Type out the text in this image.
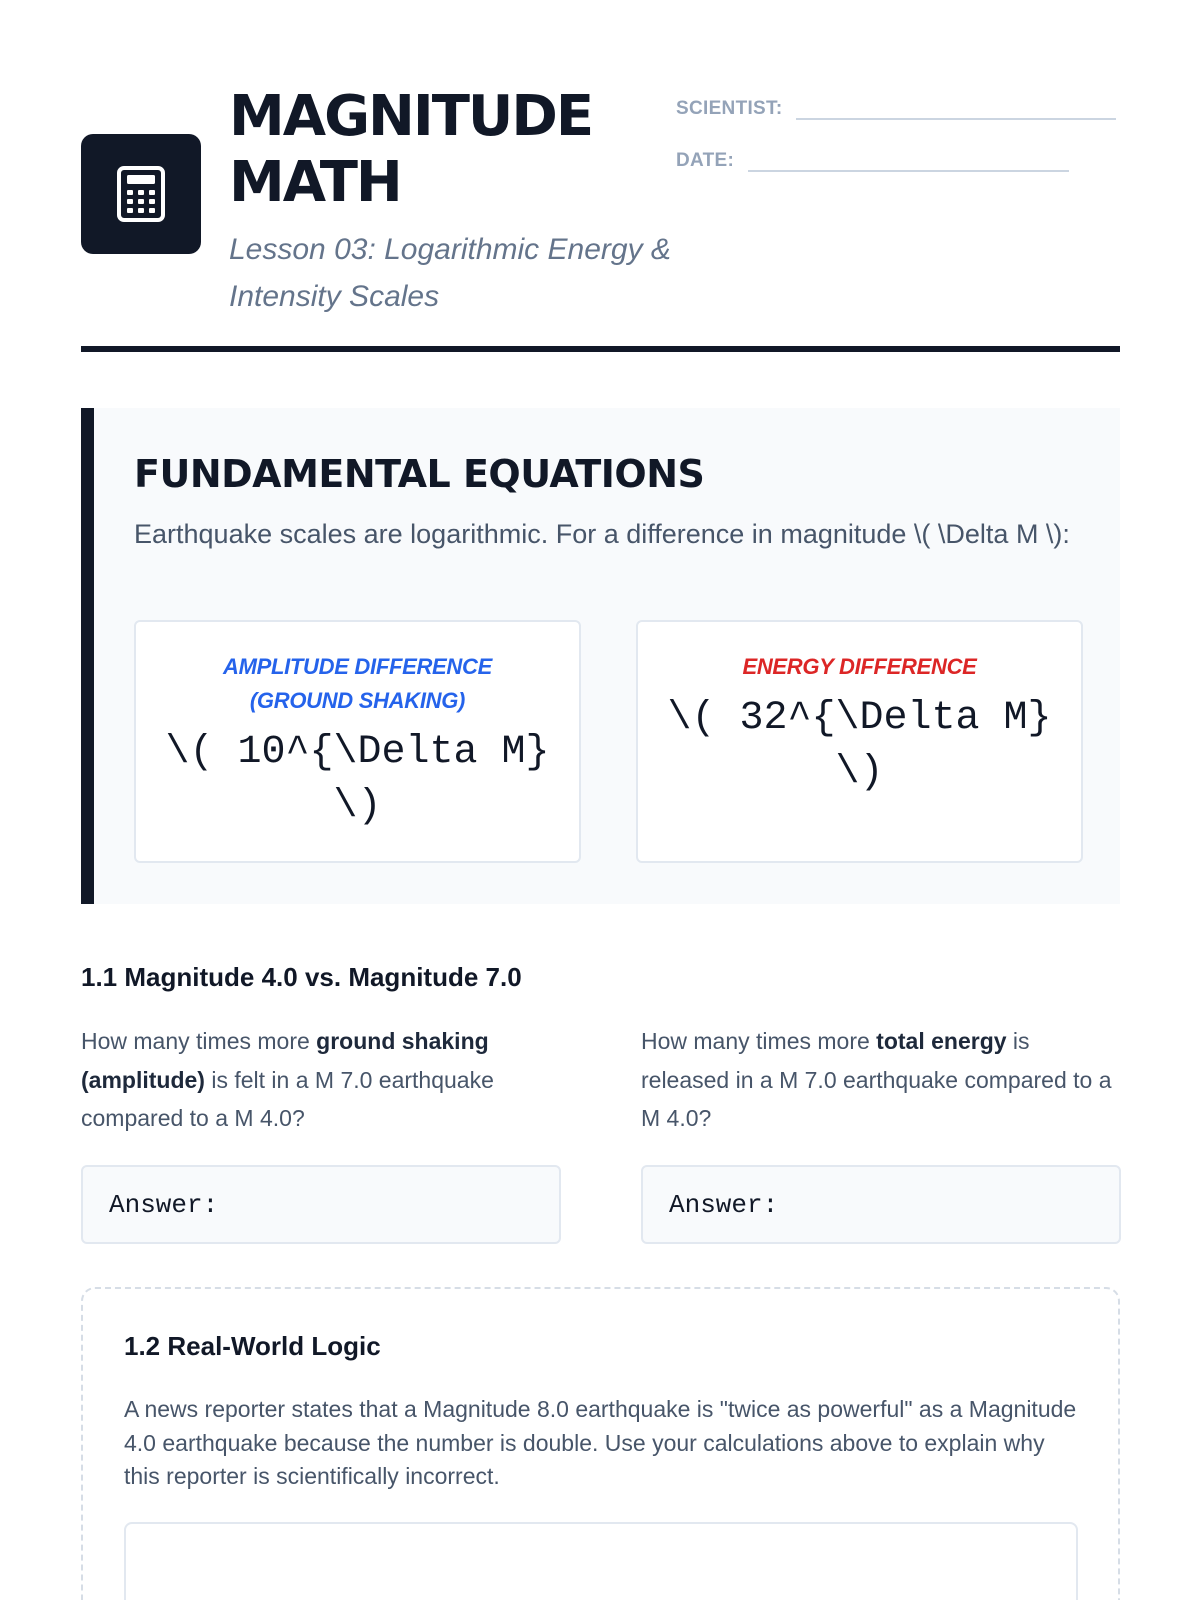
MAGNITUDE
MATH
Lesson 03: Logarithmic Energy & Intensity Scales
SCIENTIST:
DATE:
FUNDAMENTAL EQUATIONS
Earthquake scales are logarithmic. For a difference in magnitude \( \Delta M \):
AMPLITUDE DIFFERENCE (GROUND SHAKING)
\( 10^{\Delta M} \)
ENERGY DIFFERENCE
\( 32^{\Delta M} \)
1.1 Magnitude 4.0 vs. Magnitude 7.0
How many times more ground shaking (amplitude) is felt in a M 7.0 earthquake compared to a M 4.0?
How many times more total energy is released in a M 7.0 earthquake compared to a M 4.0?
Answer:	Answer:
1.2 Real-World Logic
A news reporter states that a Magnitude 8.0 earthquake is "twice as powerful" as a Magnitude 4.0 earthquake because the number is double. Use your calculations above to explain why this reporter is scientifically incorrect.
